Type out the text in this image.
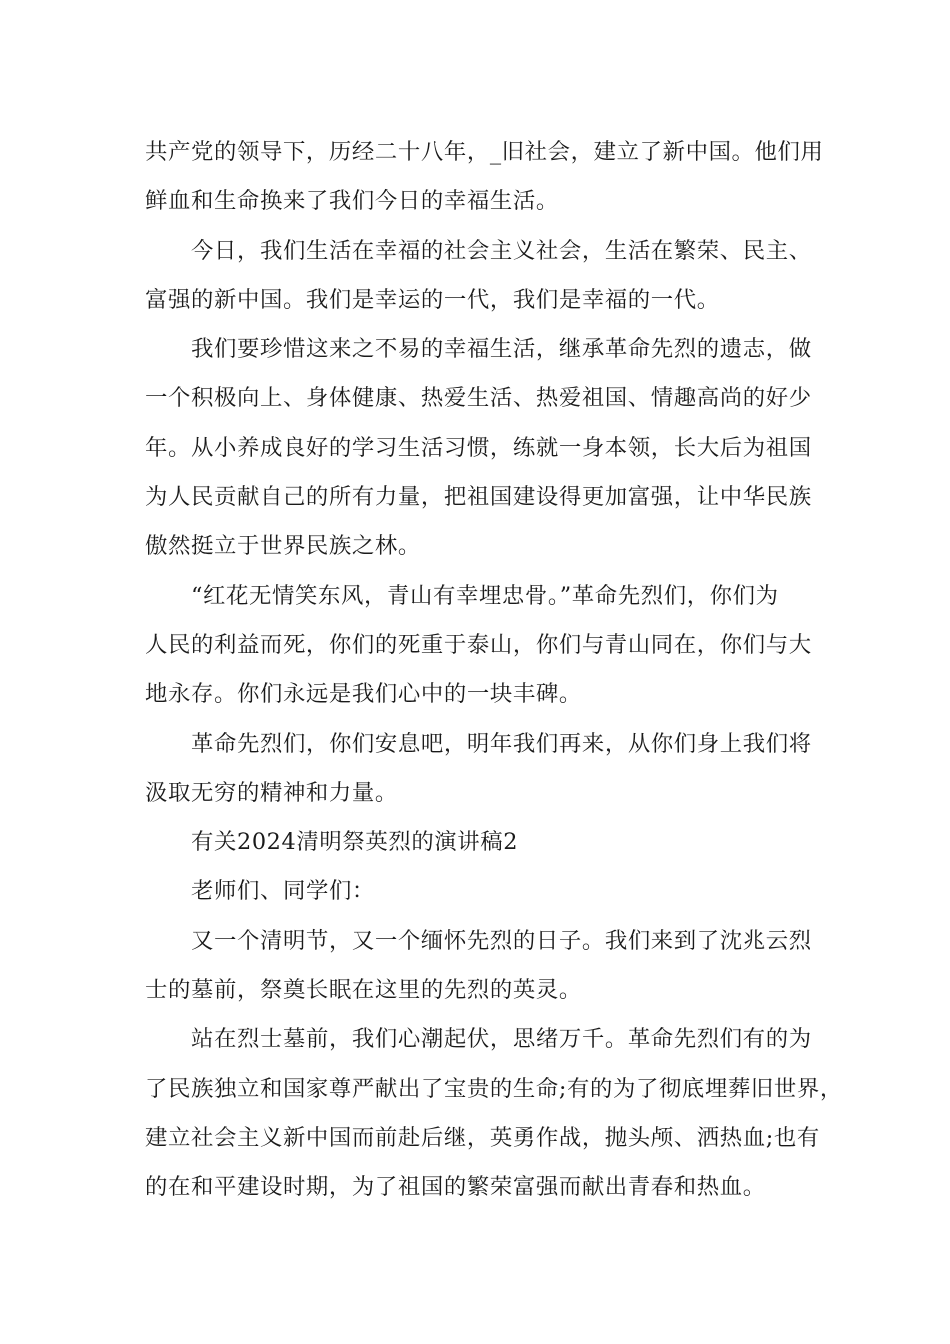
共产党的领导下，历经二十八年，_旧社会，建立了新中国。他们用
鲜血和生命换来了我们今日的幸福生活。
今日，我们生活在幸福的社会主义社会，生活在繁荣、民主、
富强的新中国。我们是幸运的一代，我们是幸福的一代。
我们要珍惜这来之不易的幸福生活，继承革命先烈的遗志，做
一个积极向上、身体健康、热爱生活、热爱祖国、情趣高尚的好少
年。从小养成良好的学习生活习惯，练就一身本领，长大后为祖国
为人民贡献自己的所有力量，把祖国建设得更加富强，让中华民族
傲然挺立于世界民族之林。
“红花无情笑东风，青山有幸埋忠骨。”革命先烈们，你们为
人民的利益而死，你们的死重于泰山，你们与青山同在，你们与大
地永存。你们永远是我们心中的一块丰碑。
革命先烈们，你们安息吧，明年我们再来，从你们身上我们将
汲取无穷的精神和力量。
有关2024清明祭英烈的演讲稿2
老师们、同学们：
又一个清明节，又一个缅怀先烈的日子。我们来到了沈兆云烈
士的墓前，祭奠长眠在这里的先烈的英灵。
站在烈士墓前，我们心潮起伏，思绪万千。革命先烈们有的为
了民族独立和国家尊严献出了宝贵的生命;有的为了彻底埋葬旧世界，
建立社会主义新中国而前赴后继，英勇作战，抛头颅、洒热血;也有
的在和平建设时期，为了祖国的繁荣富强而献出青春和热血。
